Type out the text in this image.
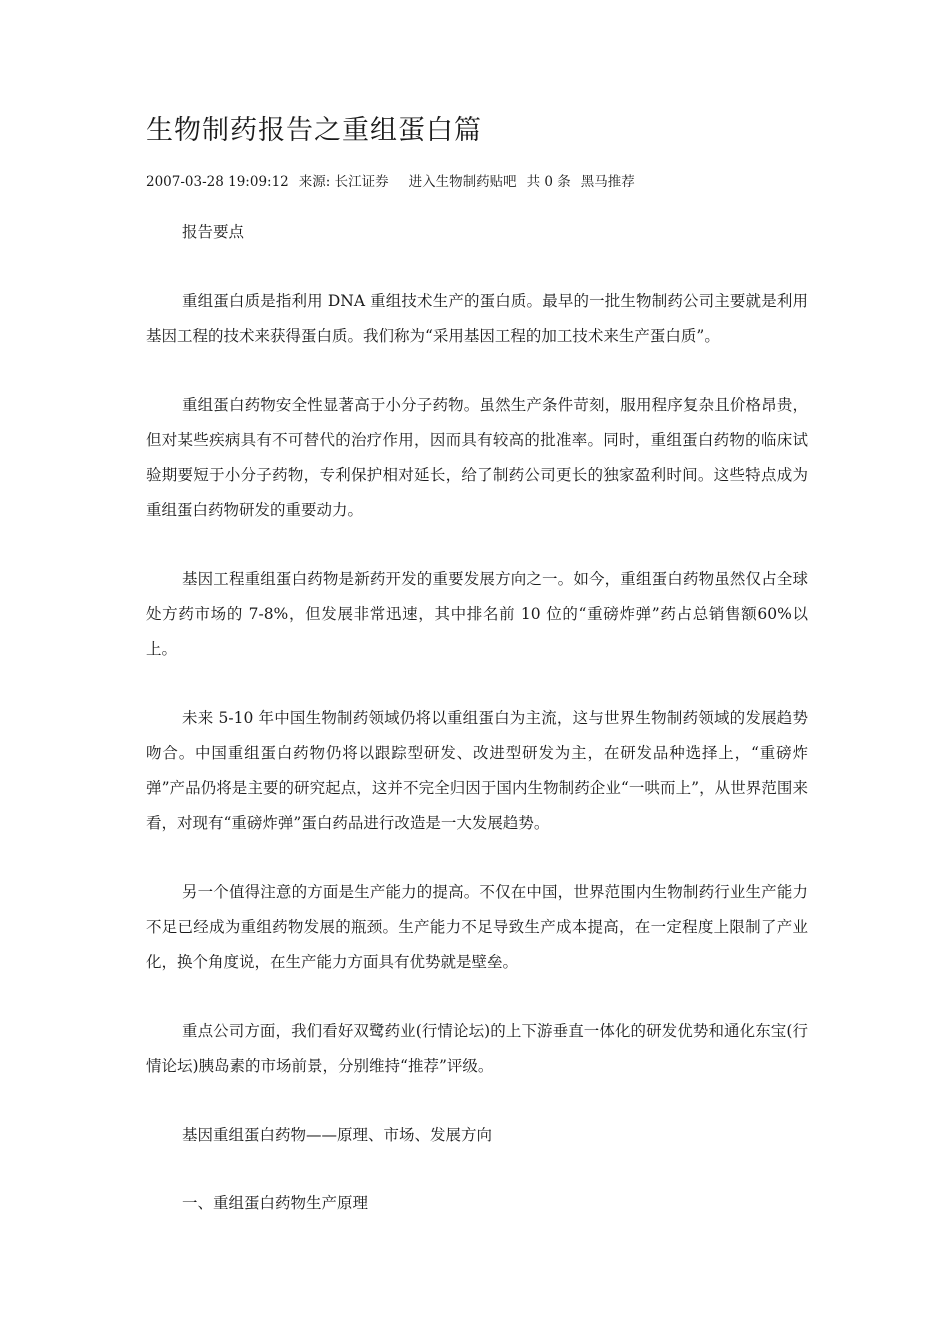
生物制药报告之重组蛋白篇
2007-03-28 19:09:12 来源: 长江证券 进入生物制药贴吧 共 0 条 黑马推荐

报告要点

重组蛋白质是指利用 DNA 重组技术生产的蛋白质。最早的一批生物制药公司主要就是利用基因工程的技术来获得蛋白质。我们称为“采用基因工程的加工技术来生产蛋白质”。

重组蛋白药物安全性显著高于小分子药物。虽然生产条件苛刻，服用程序复杂且价格昂贵，但对某些疾病具有不可替代的治疗作用，因而具有较高的批准率。同时，重组蛋白药物的临床试验期要短于小分子药物，专利保护相对延长，给了制药公司更长的独家盈利时间。这些特点成为重组蛋白药物研发的重要动力。

基因工程重组蛋白药物是新药开发的重要发展方向之一。如今，重组蛋白药物虽然仅占全球处方药市场的 7-8%，但发展非常迅速，其中排名前 10 位的“重磅炸弹”药占总销售额60%以上。

未来 5-10 年中国生物制药领域仍将以重组蛋白为主流，这与世界生物制药领域的发展趋势吻合。中国重组蛋白药物仍将以跟踪型研发、改进型研发为主，在研发品种选择上，“重磅炸弹”产品仍将是主要的研究起点，这并不完全归因于国内生物制药企业“一哄而上”，从世界范围来看，对现有“重磅炸弹”蛋白药品进行改造是一大发展趋势。

另一个值得注意的方面是生产能力的提高。不仅在中国，世界范围内生物制药行业生产能力不足已经成为重组药物发展的瓶颈。生产能力不足导致生产成本提高，在一定程度上限制了产业化，换个角度说，在生产能力方面具有优势就是壁垒。

重点公司方面，我们看好双鹭药业(行情论坛)的上下游垂直一体化的研发优势和通化东宝(行情论坛)胰岛素的市场前景，分别维持“推荐”评级。

基因重组蛋白药物——原理、市场、发展方向

一、重组蛋白药物生产原理
